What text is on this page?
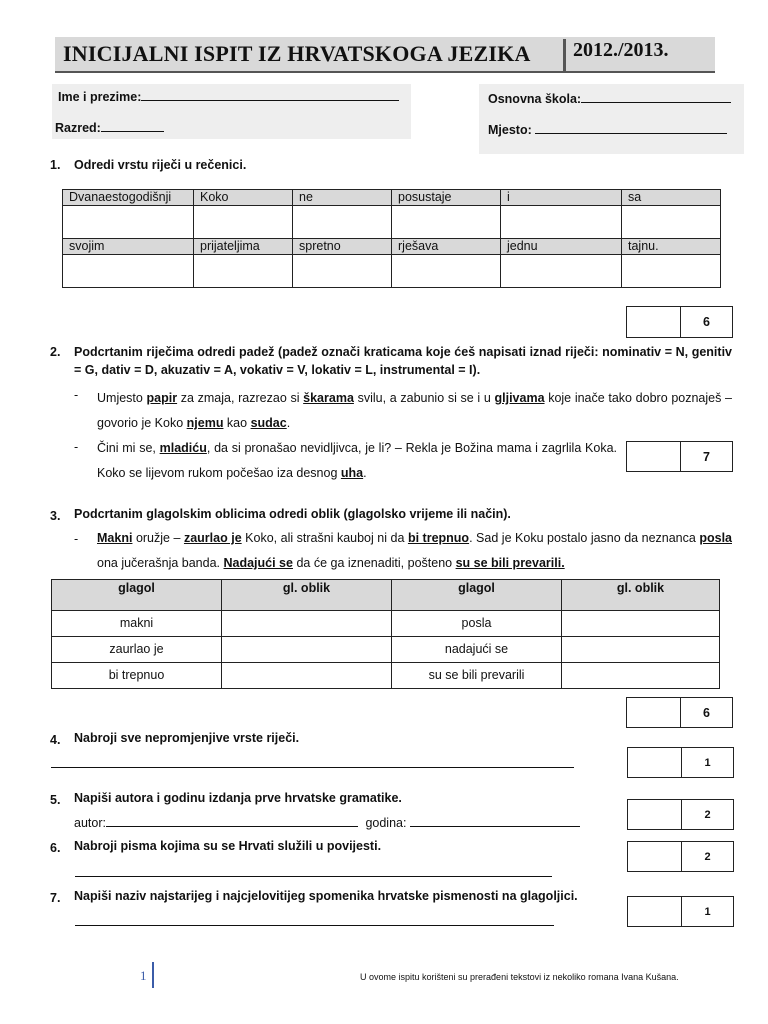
INICIJALNI ISPIT IZ HRVATSKOGA JEZIKA 2012./2013.
Ime i prezime:
Razred:
Osnovna škola:
Mjesto:
1. Odredi vrstu riječi u rečenici.
Dvanaestogodišnji	Koko	ne	posustaje	i	sa

svojim	prijateljima	spretno	rješava	jednu	tajnu.

6
2. Podcrtanim riječima odredi padež (padež označi kraticama koje ćeš napisati iznad riječi: nominativ = N, genitiv = G, dativ = D, akuzativ = A, vokativ = V, lokativ = L, instrumental = I).
- Umjesto papir za zmaja, razrezao si škarama svilu, a zabunio si se i u gljivama koje inače tako dobro poznaješ – govorio je Koko njemu kao sudac.
- Čini mi se, mladiću, da si pronašao nevidljivca, je li? – Rekla je Božina mama i zagrlila Koka. Koko se lijevom rukom počešao iza desnog uha.
7
3. Podcrtanim glagolskim oblicima odredi oblik (glagolsko vrijeme ili način).
- Makni oružje – zaurlao je Koko, ali strašni kauboj ni da bi trepnuo. Sad je Koku postalo jasno da neznanca posla ona jučerašnja banda. Nadajući se da će ga iznenaditi, pošteno su se bili prevarili.
glagol	gl. oblik	glagol	gl. oblik
makni		posla	
zaurlao je		nadajući se	
bi trepnuo		su se bili prevarili	
6
4. Nabroji sve nepromjenjive vrste riječi.
1
5. Napiši autora i godinu izdanja prve hrvatske gramatike.
autor:	godina:
2
6. Nabroji pisma kojima su se Hrvati služili u povijesti.
2
7. Napiši naziv najstarijeg i najcjelovitijeg spomenika hrvatske pismenosti na glagoljici.
1
1	U ovome ispitu korišteni su prerađeni tekstovi iz nekoliko romana Ivana Kušana.
